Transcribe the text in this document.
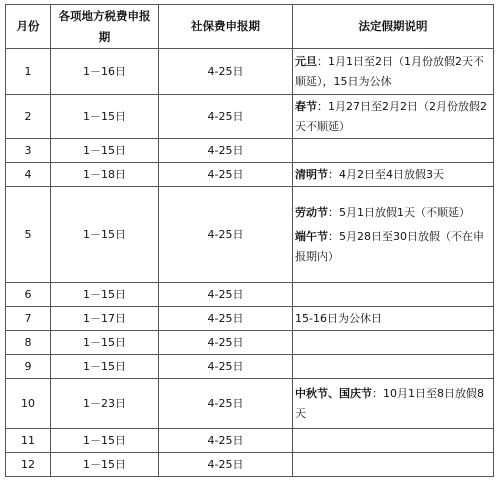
月份	各项地方税费申报期	社保费申报期	法定假期说明
1	1－16日	4-25日	元旦：1月1日至2日（1月份放假2天不顺延），15日为公休

2	1－15日	4-25日	春节：1月27日至2月2日（2月份放假2天不顺延）

3	1－15日	4-25日	
4	1－18日	4-25日	清明节：4月2日至4日放假3天

5	1－15日	4-25日	劳动节：5月1日放假1天（不顺延）
端午节：5月28日至30日放假（不在申报期内）

6	1－15日	4-25日	
7	1－17日	4-25日	15-16日为公休日

8	1－15日	4-25日	
9	1－15日	4-25日	
10	1－23日	4-25日	中秋节、国庆节：10月1日至8日放假8天

11	1－15日	4-25日	
12	1－15日	4-25日	
